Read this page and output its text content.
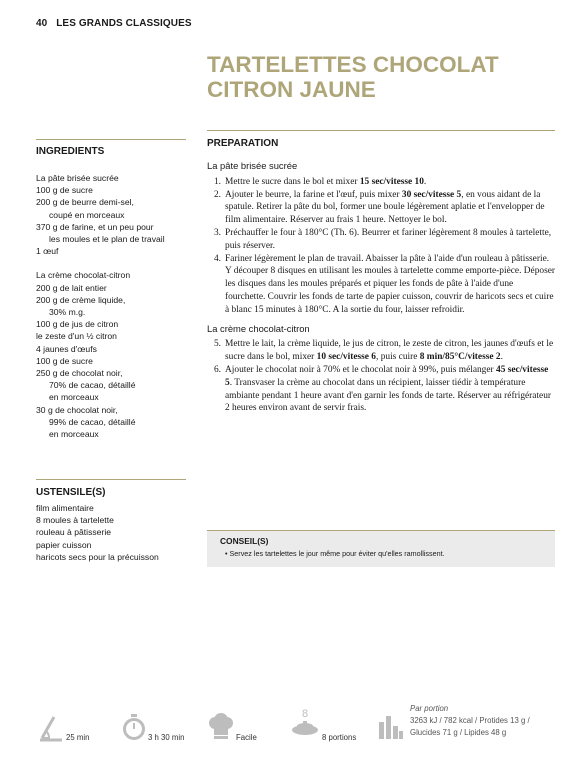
40 LES GRANDS CLASSIQUES
TARTELETTES CHOCOLAT
CITRON JAUNE
INGREDIENTS
La pâte brisée sucrée
100 g de sucre
200 g de beurre demi-sel,
coupé en morceaux
370 g de farine, et un peu pour
les moules et le plan de travail
1 œuf
La crème chocolat-citron
200 g de lait entier
200 g de crème liquide,
30% m.g.
100 g de jus de citron
le zeste d'un ½ citron
4 jaunes d'œufs
100 g de sucre
250 g de chocolat noir,
70% de cacao, détaillé
en morceaux
30 g de chocolat noir,
99% de cacao, détaillé
en morceaux
USTENSILE(S)
film alimentaire
8 moules à tartelette
rouleau à pâtisserie
papier cuisson
haricots secs pour la précuisson
PREPARATION
La pâte brisée sucrée
1. Mettre le sucre dans le bol et mixer 15 sec/vitesse 10.
2. Ajouter le beurre, la farine et l'œuf, puis mixer 30 sec/vitesse 5, en vous aidant de la spatule. Retirer la pâte du bol, former une boule légèrement aplatie et l'envelopper de film alimentaire. Réserver au frais 1 heure. Nettoyer le bol.
3. Préchauffer le four à 180°C (Th. 6). Beurrer et fariner légèrement 8 moules à tartelette, puis réserver.
4. Fariner légèrement le plan de travail. Abaisser la pâte à l'aide d'un rouleau à pâtisserie. Y découper 8 disques en utilisant les moules à tartelette comme emporte-pièce. Déposer les disques dans les moules préparés et piquer les fonds de pâte à l'aide d'une fourchette. Couvrir les fonds de tarte de papier cuisson, couvrir de haricots secs et cuire à blanc 15 minutes à 180°C. A la sortie du four, laisser refroidir.
La crème chocolat-citron
5. Mettre le lait, la crème liquide, le jus de citron, le zeste de citron, les jaunes d'œufs et le sucre dans le bol, mixer 10 sec/vitesse 6, puis cuire 8 min/85°C/vitesse 2.
6. Ajouter le chocolat noir à 70% et le chocolat noir à 99%, puis mélanger 45 sec/vitesse 5. Transvaser la crème au chocolat dans un récipient, laisser tiédir à température ambiante pendant 1 heure avant d'en garnir les fonds de tarte. Réserver au réfrigérateur 2 heures environ avant de servir frais.
CONSEIL(S)
• Servez les tartelettes le jour même pour éviter qu'elles ramollissent.
25 min	3 h 30 min	Facile
8
8 portions
Par portion
3263 kJ / 782 kcal / Protides 13 g /
Glucides 71 g / Lipides 48 g
